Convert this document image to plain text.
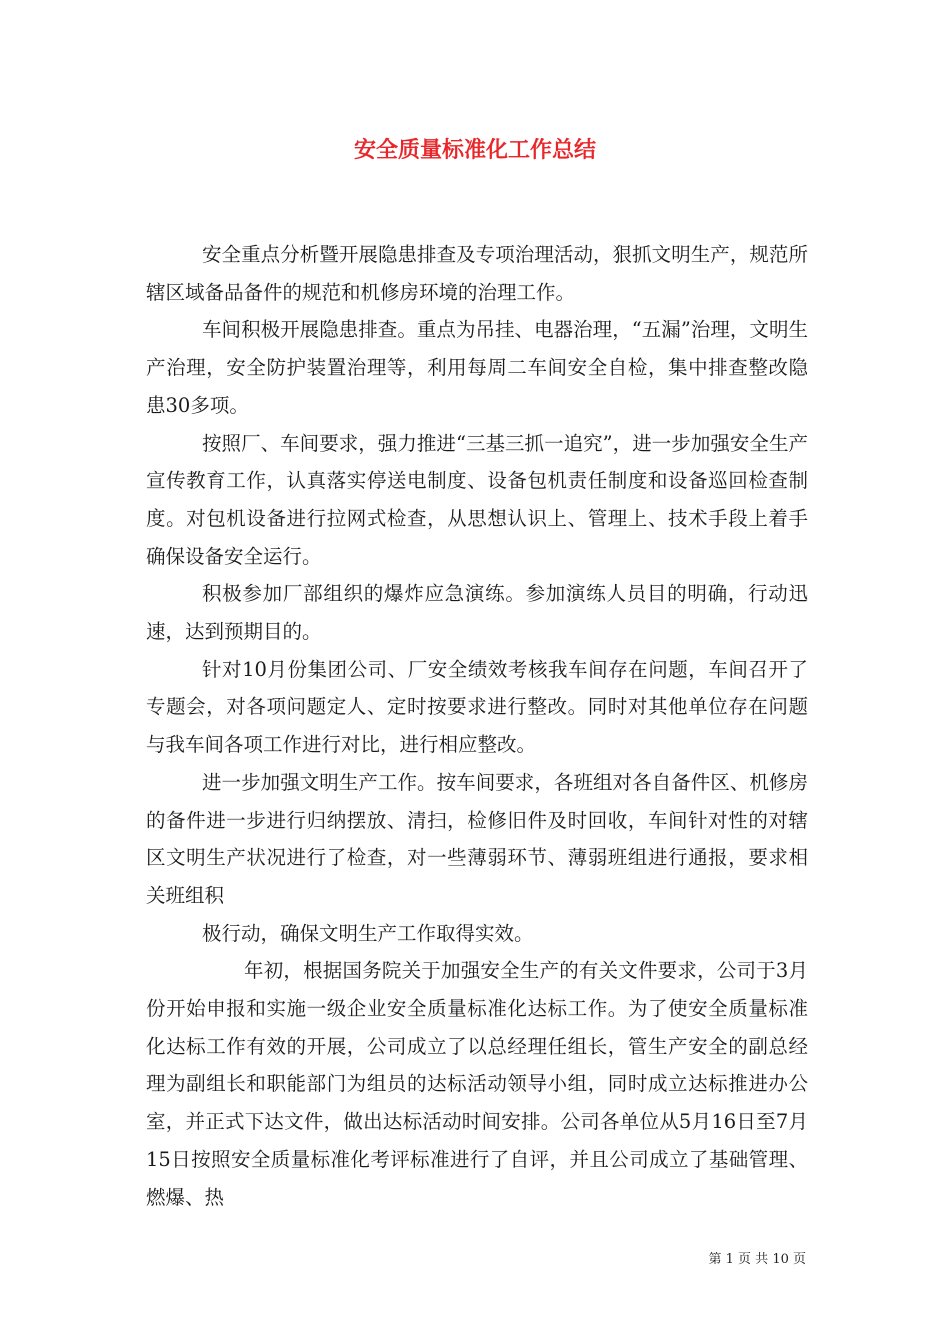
安全质量标准化工作总结

安全重点分析暨开展隐患排查及专项治理活动，狠抓文明生产，规范所辖区域备品备件的规范和机修房环境的治理工作。

车间积极开展隐患排查。重点为吊挂、电器治理，“五漏”治理，文明生产治理，安全防护装置治理等，利用每周二车间安全自检，集中排查整改隐患30多项。

按照厂、车间要求，强力推进“三基三抓一追究”，进一步加强安全生产宣传教育工作，认真落实停送电制度、设备包机责任制度和设备巡回检查制度。对包机设备进行拉网式检查，从思想认识上、管理上、技术手段上着手确保设备安全运行。

积极参加厂部组织的爆炸应急演练。参加演练人员目的明确，行动迅速，达到预期目的。

针对10月份集团公司、厂安全绩效考核我车间存在问题，车间召开了专题会，对各项问题定人、定时按要求进行整改。同时对其他单位存在问题与我车间各项工作进行对比，进行相应整改。

进一步加强文明生产工作。按车间要求，各班组对各自备件区、机修房的备件进一步进行归纳摆放、清扫，检修旧件及时回收，车间针对性的对辖区文明生产状况进行了检查，对一些薄弱环节、薄弱班组进行通报，要求相关班组积

极行动，确保文明生产工作取得实效。

年初，根据国务院关于加强安全生产的有关文件要求，公司于3月份开始申报和实施一级企业安全质量标准化达标工作。为了使安全质量标准化达标工作有效的开展，公司成立了以总经理任组长，管生产安全的副总经理为副组长和职能部门为组员的达标活动领导小组，同时成立达标推进办公室，并正式下达文件，做出达标活动时间安排。公司各单位从5月16日至7月15日按照安全质量标准化考评标准进行了自评，并且公司成立了基础管理、燃爆、热

第 1 页 共 10 页
